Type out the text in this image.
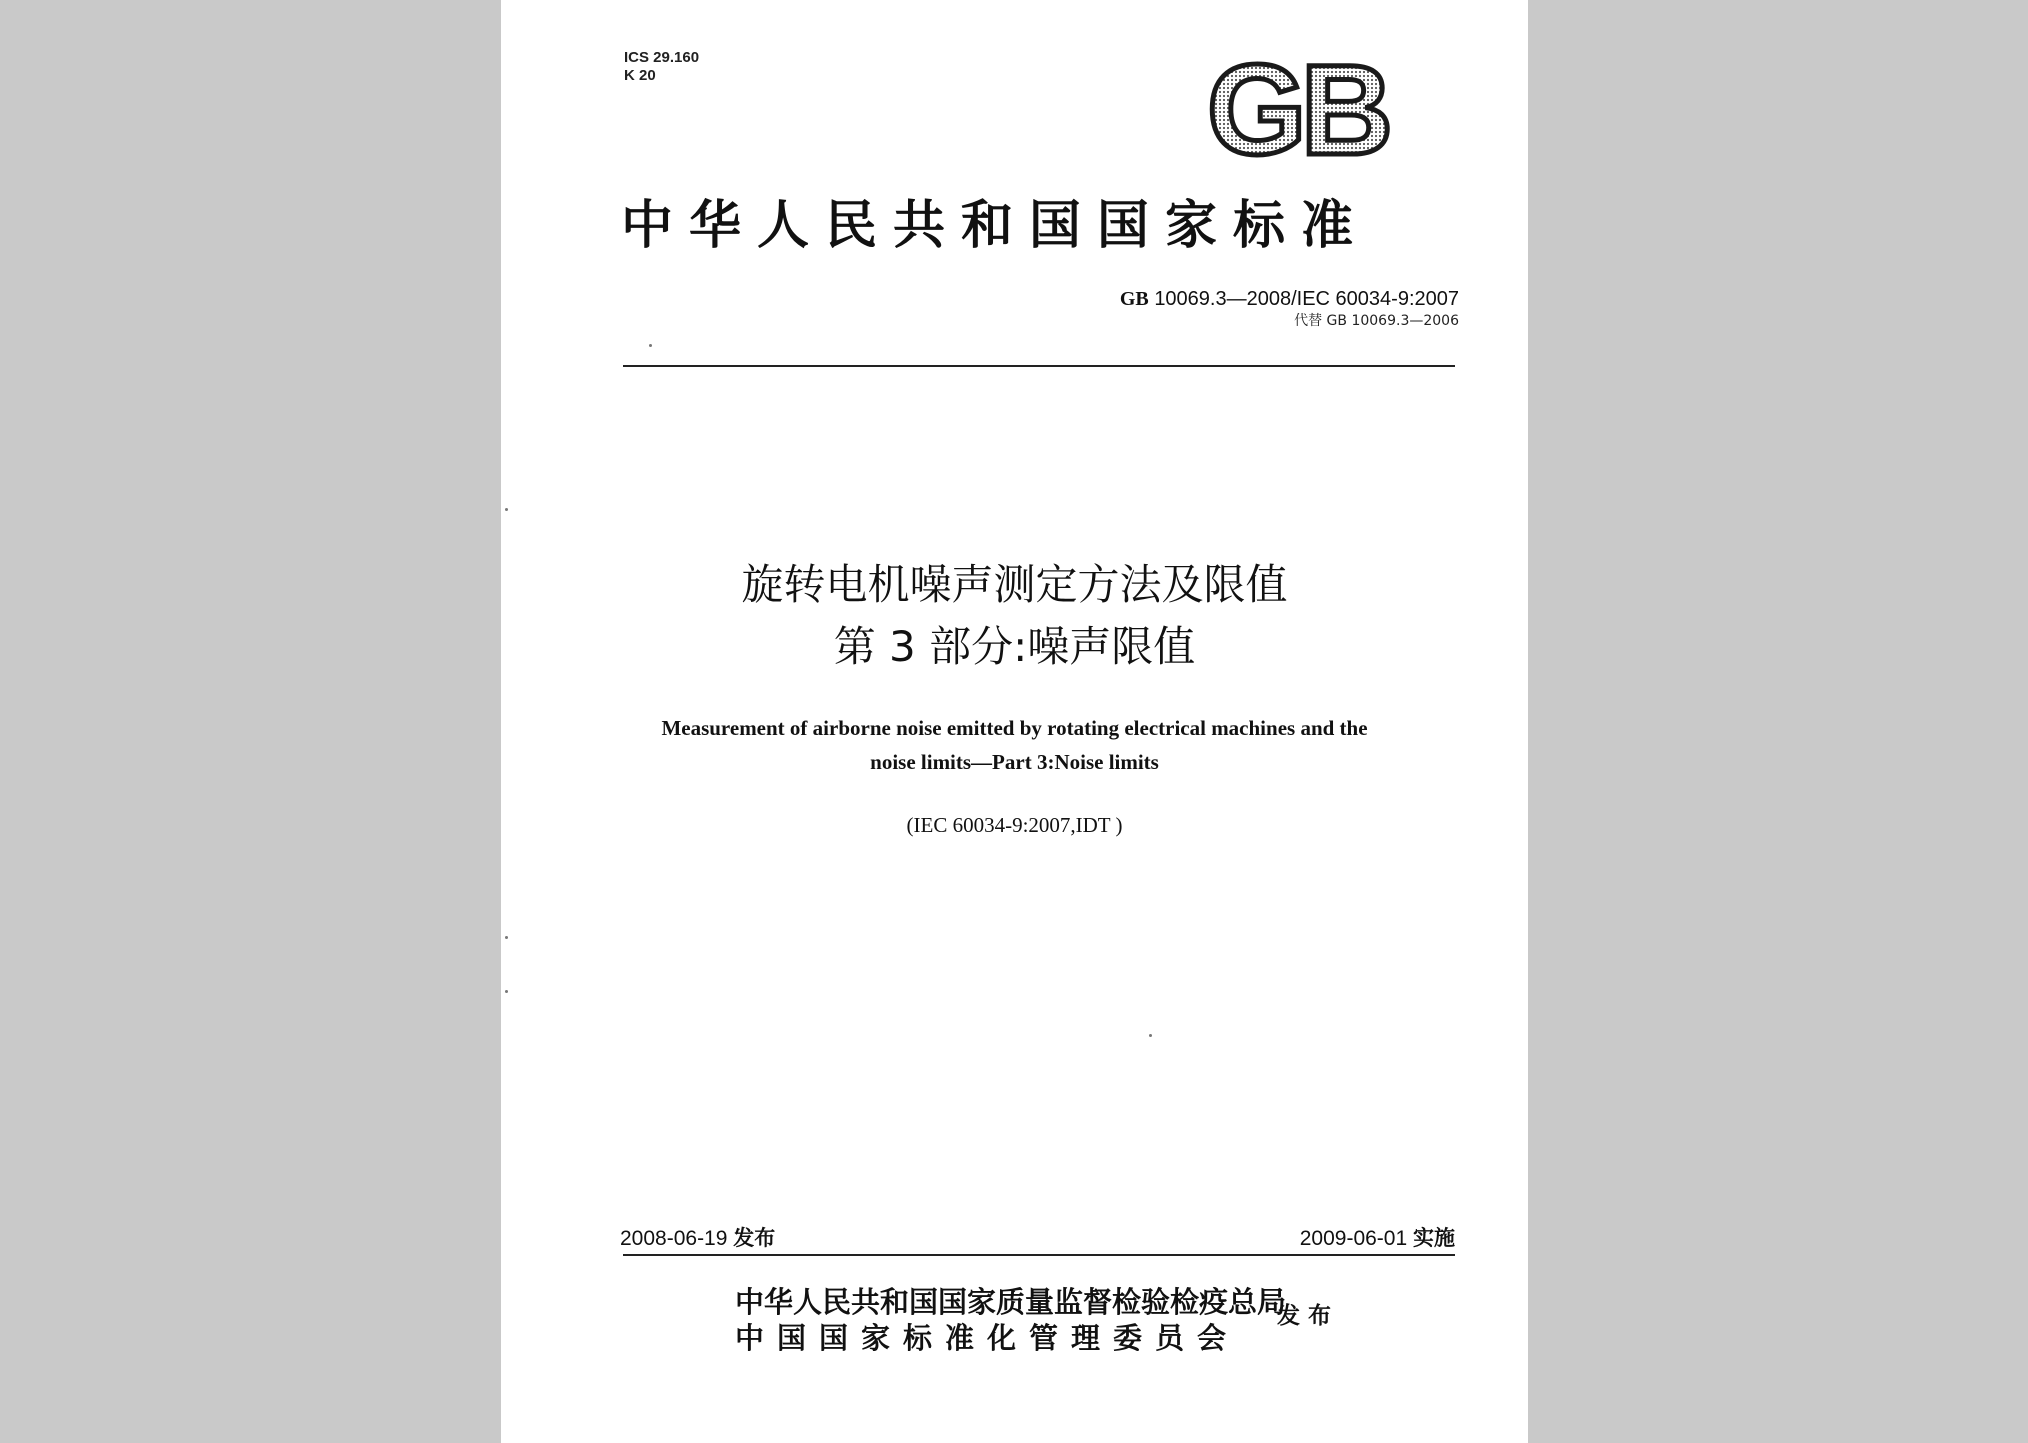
ICS 29.160
K 20	GB
中华人民共和国国家标准
GB 10069.3—2008/IEC 60034-9:2007
代替 GB 10069.3—2006
旋转电机噪声测定方法及限值
第 3 部分:噪声限值
Measurement of airborne noise emitted by rotating electrical machines and the
noise limits—Part 3:Noise limits
(IEC 60034-9:2007,IDT )
2008-06-19 发布	2009-06-01 实施
中华人民共和国国家质量监督检验检疫总局
中国国家标准化管理委员会
发布
